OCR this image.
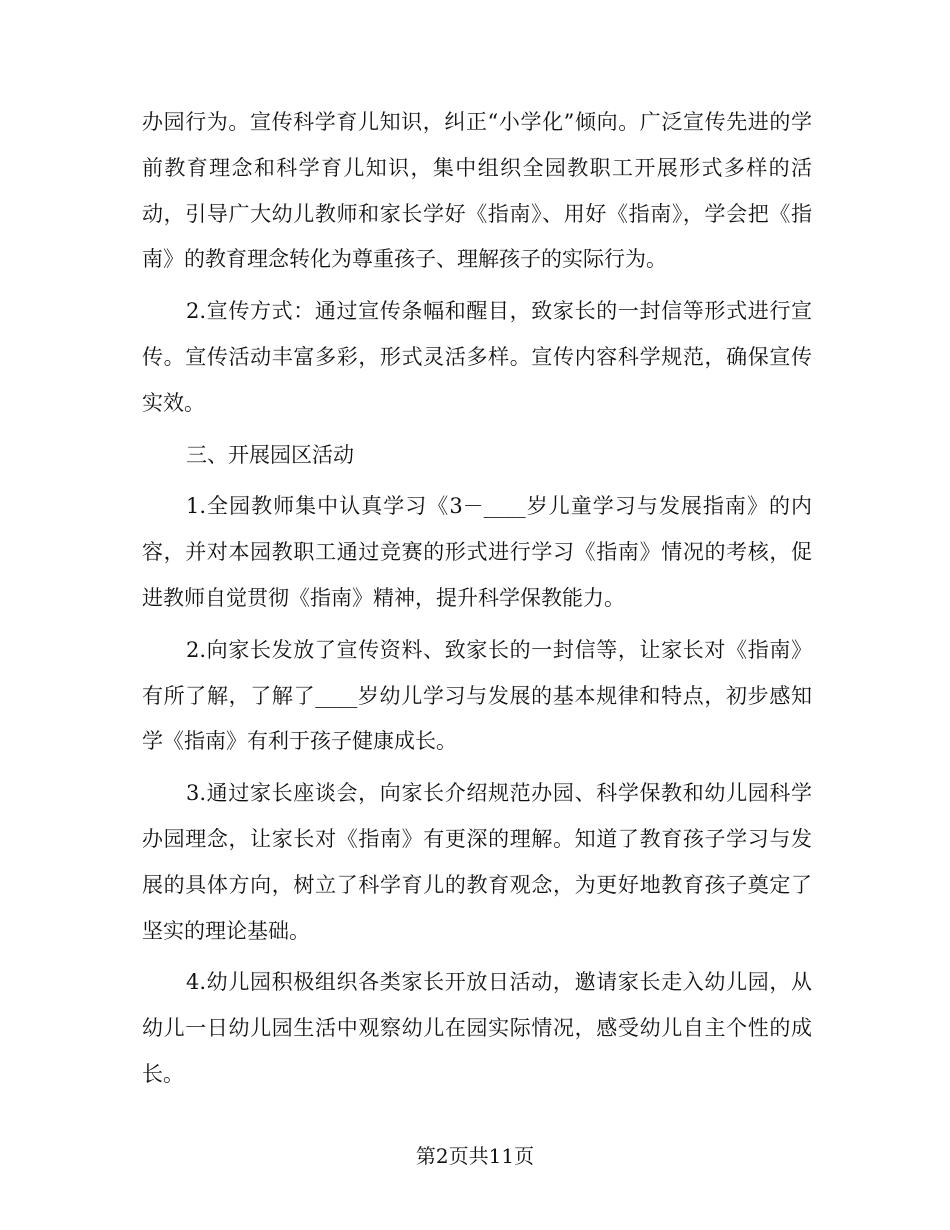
办园行为。宣传科学育儿知识，纠正“小学化”倾向。广泛宣传先进的学前教育理念和科学育儿知识，集中组织全园教职工开展形式多样的活动，引导广大幼儿教师和家长学好《指南》、用好《指南》，学会把《指南》的教育理念转化为尊重孩子、理解孩子的实际行为。

2.宣传方式：通过宣传条幅和醒目，致家长的一封信等形式进行宣传。宣传活动丰富多彩，形式灵活多样。宣传内容科学规范，确保宣传实效。

三、开展园区活动

1.全园教师集中认真学习《3－____岁儿童学习与发展指南》的内容，并对本园教职工通过竞赛的形式进行学习《指南》情况的考核，促进教师自觉贯彻《指南》精神，提升科学保教能力。

2.向家长发放了宣传资料、致家长的一封信等，让家长对《指南》有所了解，了解了____岁幼儿学习与发展的基本规律和特点，初步感知学《指南》有利于孩子健康成长。

3.通过家长座谈会，向家长介绍规范办园、科学保教和幼儿园科学办园理念，让家长对《指南》有更深的理解。知道了教育孩子学习与发展的具体方向，树立了科学育儿的教育观念，为更好地教育孩子奠定了坚实的理论基础。

4.幼儿园积极组织各类家长开放日活动，邀请家长走入幼儿园，从幼儿一日幼儿园生活中观察幼儿在园实际情况，感受幼儿自主个性的成长。

第2页共11页
